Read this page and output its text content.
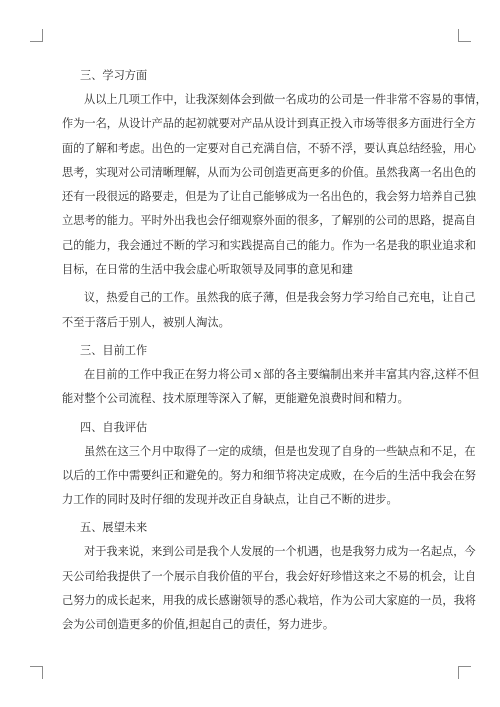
三、学习方面

从以上几项工作中，让我深刻体会到做一名成功的公司是一件非常不容易的事情，
作为一名，从设计产品的起初就要对产品从设计到真正投入市场等很多方面进行全方
面的了解和考虑。出色的一定要对自己充满自信，不骄不浮，要认真总结经验，用心
思考，实现对公司清晰理解，从而为公司创造更高更多的价值。虽然我离一名出色的
还有一段很远的路要走，但是为了让自己能够成为一名出色的，我会努力培养自己独
立思考的能力。平时外出我也会仔细观察外面的很多，了解别的公司的思路，提高自
己的能力，我会通过不断的学习和实践提高自己的能力。作为一名是我的职业追求和
目标，在日常的生活中我会虚心听取领导及同事的意见和建

议，热爱自己的工作。虽然我的底子薄，但是我会努力学习给自己充电，让自己
不至于落后于别人，被别人淘汰。

三、目前工作

在目前的工作中我正在努力将公司ｘ部的各主要编制出来并丰富其内容,这样不但
能对整个公司流程、技术原理等深入了解，更能避免浪费时间和精力。

四、自我评估

虽然在这三个月中取得了一定的成绩，但是也发现了自身的一些缺点和不足，在
以后的工作中需要纠正和避免的。努力和细节将决定成败，在今后的生活中我会在努
力工作的同时及时仔细的发现并改正自身缺点，让自己不断的进步。

五、展望未来

对于我来说，来到公司是我个人发展的一个机遇，也是我努力成为一名起点，今
天公司给我提供了一个展示自我价值的平台，我会好好珍惜这来之不易的机会，让自
己努力的成长起来，用我的成长感谢领导的悉心栽培，作为公司大家庭的一员，我将
会为公司创造更多的价值,担起自己的责任，努力进步。
